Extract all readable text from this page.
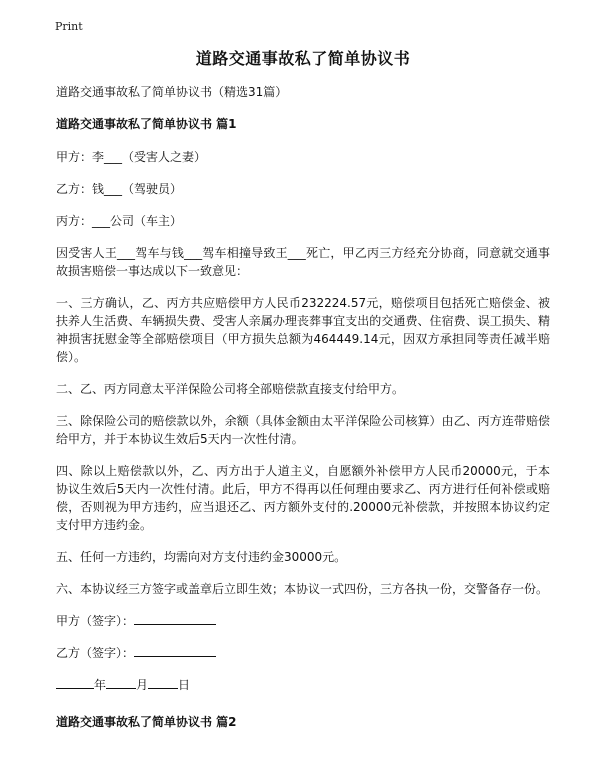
Print
道路交通事故私了简单协议书
道路交通事故私了简单协议书（精选31篇）
道路交通事故私了简单协议书 篇1

甲方：李___（受害人之妻）

乙方：钱___（驾驶员）

丙方：___公司（车主）

因受害人王___驾车与钱___驾车相撞导致王___死亡，甲乙丙三方经充分协商，同意就交通事故损害赔偿一事达成以下一致意见：

一、三方确认，乙、丙方共应赔偿甲方人民币232224.57元，赔偿项目包括死亡赔偿金、被扶养人生活费、车辆损失费、受害人亲属办理丧葬事宜支出的交通费、住宿费、误工损失、精神损害抚慰金等全部赔偿项目（甲方损失总额为464449.14元，因双方承担同等责任减半赔偿）。

二、乙、丙方同意太平洋保险公司将全部赔偿款直接支付给甲方。

三、除保险公司的赔偿款以外，余额（具体金额由太平洋保险公司核算）由乙、丙方连带赔偿给甲方，并于本协议生效后5天内一次性付清。

四、除以上赔偿款以外，乙、丙方出于人道主义，自愿额外补偿甲方人民币20000元，于本协议生效后5天内一次性付清。此后，甲方不得再以任何理由要求乙、丙方进行任何补偿或赔偿，否则视为甲方违约，应当退还乙、丙方额外支付的.20000元补偿款，并按照本协议约定支付甲方违约金。

五、任何一方违约，均需向对方支付违约金30000元。

六、本协议经三方签字或盖章后立即生效；本协议一式四份，三方各执一份，交警备存一份。

甲方（签字）：

乙方（签字）：

年	月	日
道路交通事故私了简单协议书 篇2
